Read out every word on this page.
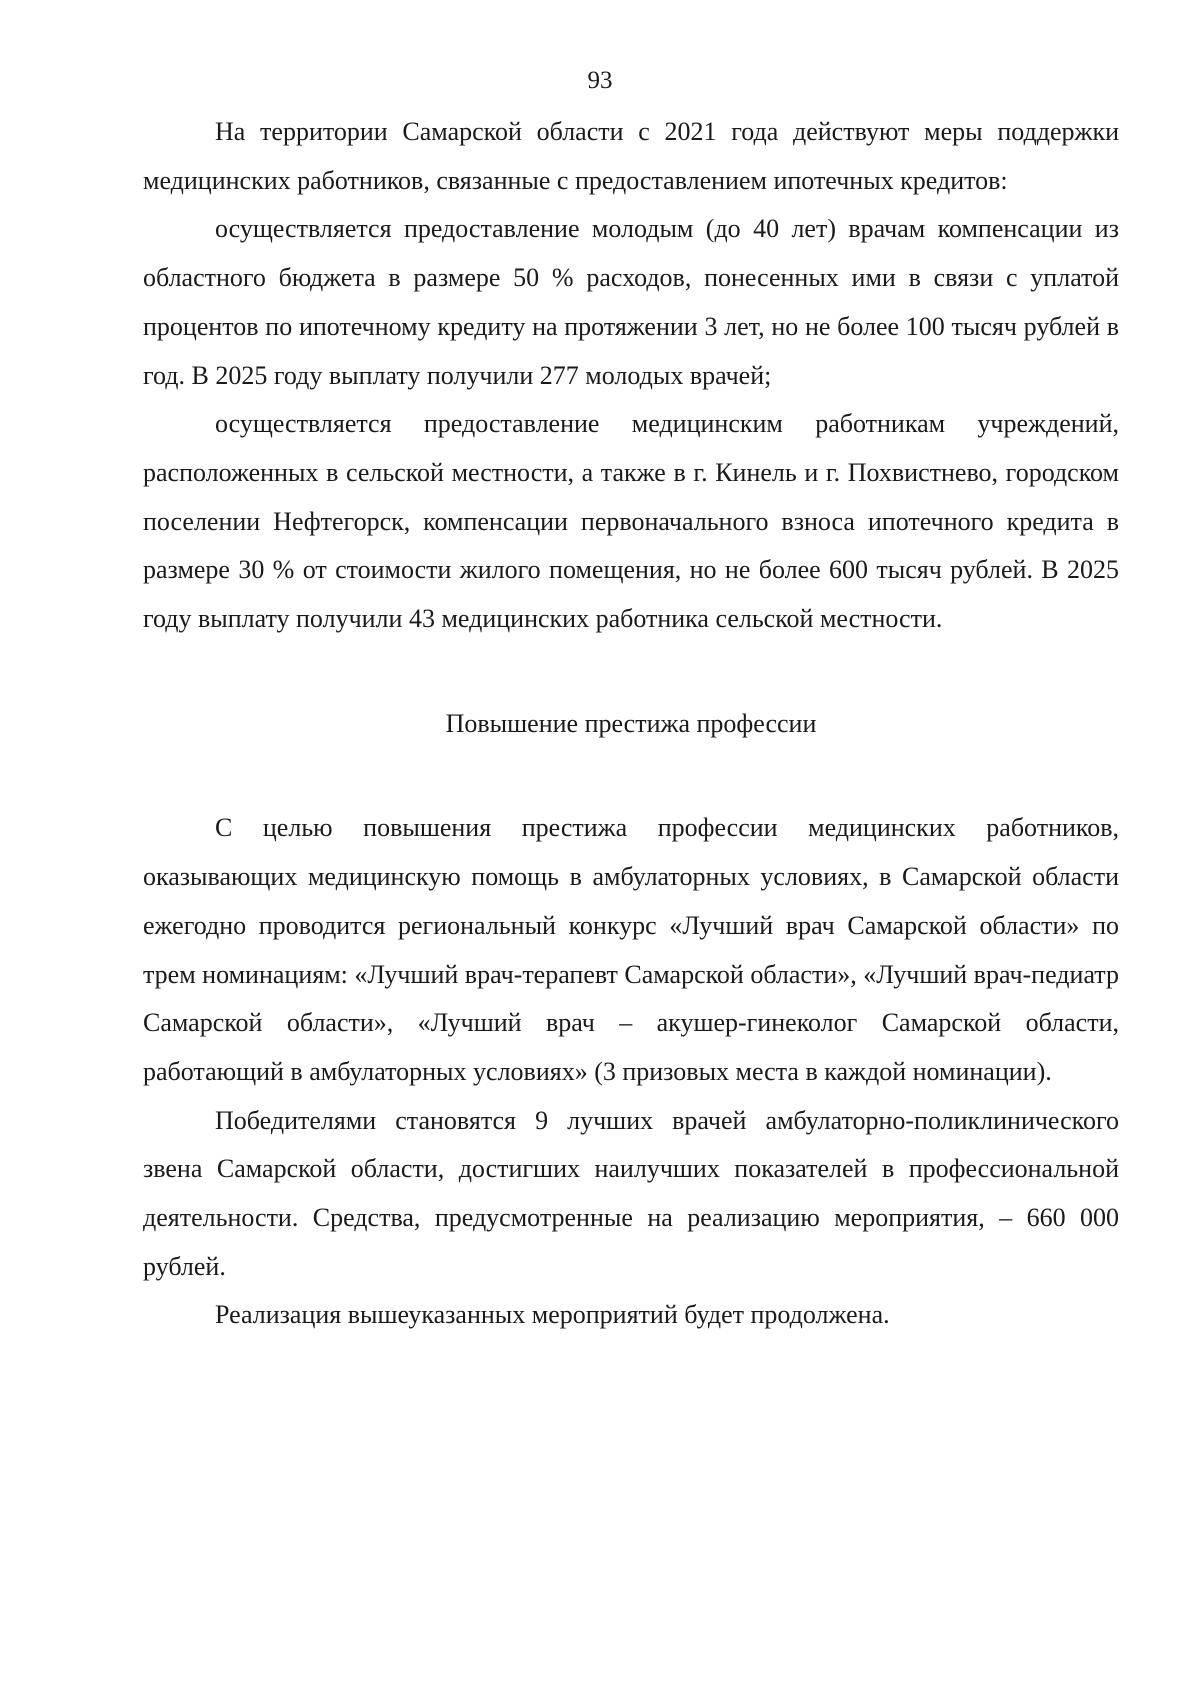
93

На территории Самарской области с 2021 года действуют меры поддержки медицинских работников, связанные с предоставлением ипотечных кредитов:

осуществляется предоставление молодым (до 40 лет) врачам компенсации из областного бюджета в размере 50 % расходов, понесенных ими в связи с уплатой процентов по ипотечному кредиту на протяжении 3 лет, но не более 100 тысяч рублей в год. В 2025 году выплату получили 277 молодых врачей;

осуществляется предоставление медицинским работникам учреждений, расположенных в сельской местности, а также в г. Кинель и г. Похвистнево, городском поселении Нефтегорск, компенсации первоначального взноса ипотечного кредита в размере 30 % от стоимости жилого помещения, но не более 600 тысяч рублей. В 2025 году выплату получили 43 медицинских работника сельской местности.

Повышение престижа профессии

С целью повышения престижа профессии медицинских работников, оказывающих медицинскую помощь в амбулаторных условиях, в Самарской области ежегодно проводится региональный конкурс «Лучший врач Самарской области» по трем номинациям: «Лучший врач-терапевт Самарской области», «Лучший врач-педиатр Самарской области», «Лучший врач – акушер-гинеколог Самарской области, работающий в амбулаторных условиях» (3 призовых места в каждой номинации).

Победителями становятся 9 лучших врачей амбулаторно-поликлинического звена Самарской области, достигших наилучших показателей в профессиональной деятельности. Средства, предусмотренные на реализацию мероприятия, – 660 000 рублей.

Реализация вышеуказанных мероприятий будет продолжена.
